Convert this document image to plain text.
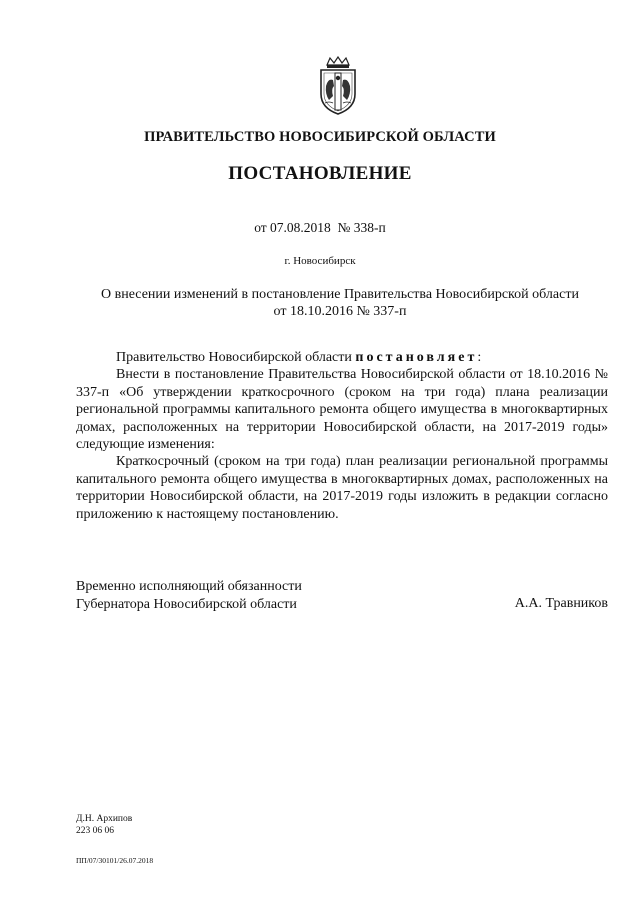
ПРАВИТЕЛЬСТВО НОВОСИБИРСКОЙ ОБЛАСТИ
ПОСТАНОВЛЕНИЕ
от 07.08.2018  № 338-п
г. Новосибирск
О внесении изменений в постановление Правительства Новосибирской области
от 18.10.2016 № 337-п

Правительство Новосибирской области постановляет:

Внести в постановление Правительства Новосибирской области от 18.10.2016 № 337-п «Об утверждении краткосрочного (сроком на три года) плана реализации региональной программы капитального ремонта общего имущества в многоквартирных домах, расположенных на территории Новосибирской области, на 2017-2019 годы» следующие изменения:

Краткосрочный (сроком на три года) план реализации региональной программы капитального ремонта общего имущества в многоквартирных домах, расположенных на территории Новосибирской области, на 2017-2019 годы изложить в редакции согласно приложению к настоящему постановлению.

Временно исполняющий обязанности
Губернатора Новосибирской области	А.А. Травников
Д.Н. Архипов
223 06 06
ПП/07/30101/26.07.2018
